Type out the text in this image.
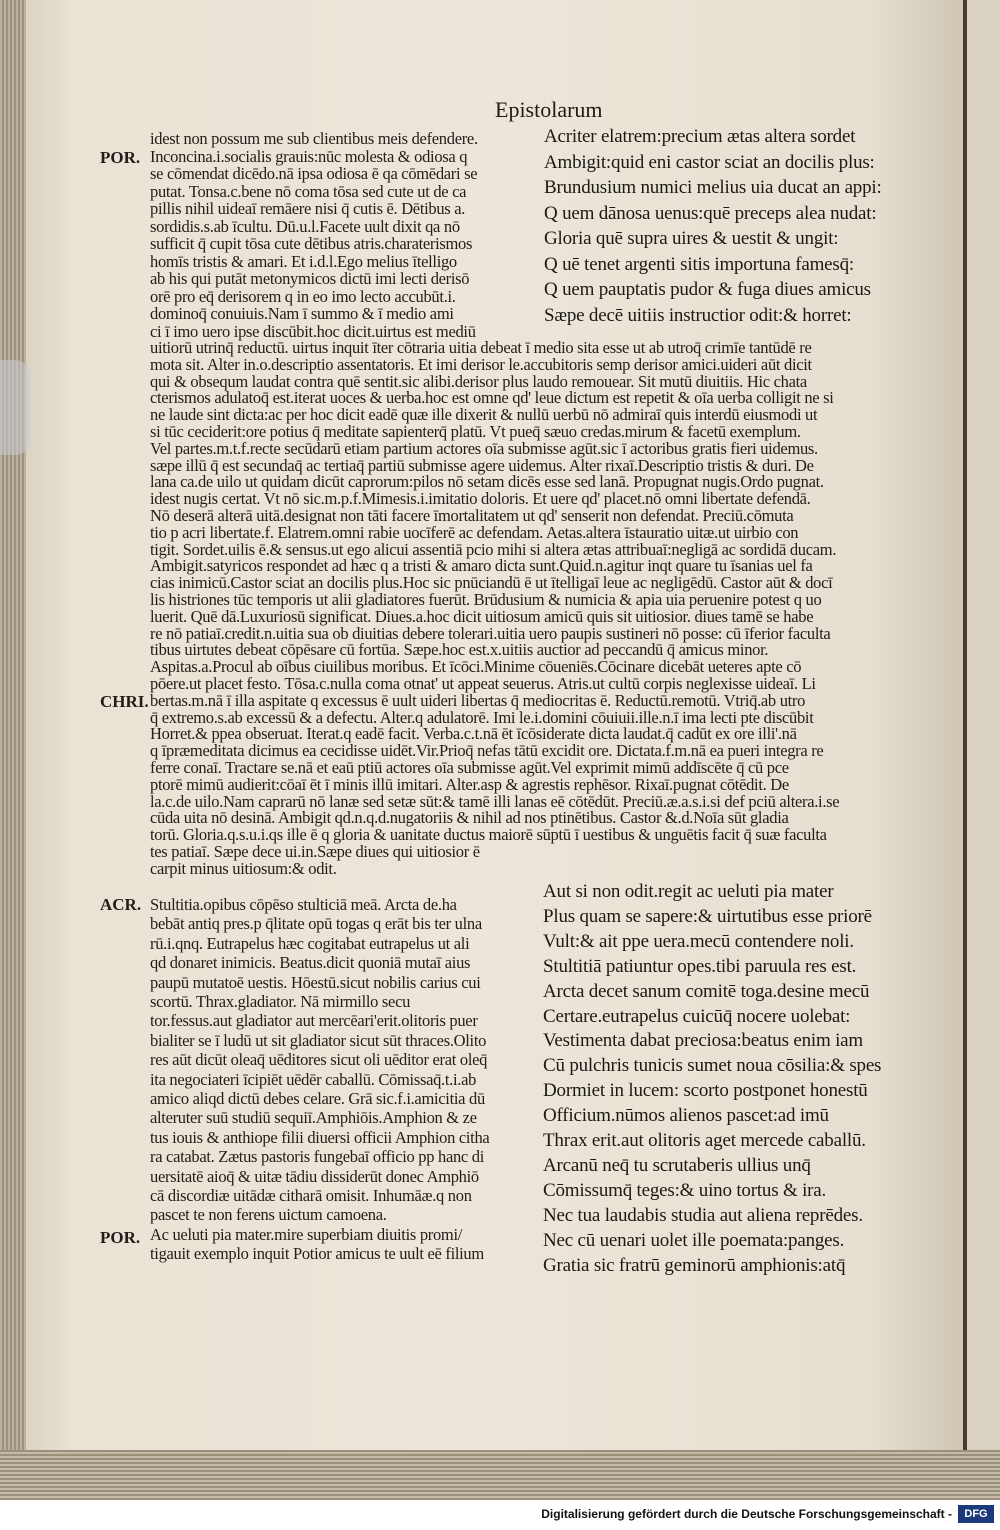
Epistolarum
POR.
CHRI.
ACR.
POR.
idest non possum me sub clientibus meis defendere.
Inconcina.i.socialis grauis:nūc molesta & odiosa q
se cōmendat dicēdo.nā ipsa odiosa ē qa cōmēdari se
putat. Tonsa.c.bene nō coma tōsa sed cute ut de ca
pillis nihil uideaī remāere nisi q̄ cutis ē. Dētibus a.
sordidis.s.ab īcultu. Dū.u.l.Facete uult dixit qa nō
sufficit q̄ cupit tōsa cute dētibus atris.charaterismos
homīs tristis & amari. Et i.d.l.Ego melius ītelligo
ab his qui putāt metonymicos dictū imi lecti derisō
orē pro eq̄ derisorem q in eo imo lecto accubūt.i.
dominoq̄ conuiuis.Nam ī summo & ī medio ami
ci ī imo uero ipse discūbit.hoc dicit.uirtus est mediū
Acriter elatrem:precium ætas altera sordet
Ambigit:quid eni castor sciat an docilis plus:
Brundusium numici melius uia ducat an appi:
Q uem dānosa uenus:quē preceps alea nudat:
Gloria quē supra uires & uestit & ungit:
Q uē tenet argenti sitis importuna famesq̄:
Q uem pauptatis pudor & fuga diues amicus
Sæpe decē uitiis instructior odit:& horret:
uitiorū utrinq̄ reductū. uirtus inquit īter cōtraria uitia debeat ī medio sita esse ut ab utroq̄ crimīe tantūdē re
mota sit. Alter in.o.descriptio assentatoris. Et imi derisor le.accubitoris semp derisor amici.uideri aūt dicit
qui & obsequm laudat contra quē sentit.sic alibi.derisor plus laudo remouear. Sit mutū diuitiis. Hic chata
cterismos adulatoq̄ est.iterat uoces & uerba.hoc est omne qd' leue dictum est repetit & oīa uerba colligit ne si
ne laude sint dicta:ac per hoc dicit eadē quæ ille dixerit & nullū uerbū nō admiraī quis interdū eiusmodi ut
si tūc ceciderit:ore potius q̄ meditate sapienterq̄ platū. Vt pueq̄ sæuo credas.mirum & facetū exemplum.
Vel partes.m.t.f.recte secūdarū etiam partium actores oīa submisse agūt.sic ī actoribus gratis fieri uidemus.
sæpe illū q̄ est secundaq̄ ac tertiaq̄ partiū submisse agere uidemus. Alter rixaī.Descriptio tristis & duri. De
lana ca.de uilo ut quidam dicūt caprorum:pilos nō setam dicēs esse sed lanā. Propugnat nugis.Ordo pugnat.
idest nugis certat. Vt nō sic.m.p.f.Mimesis.i.imitatio doloris. Et uere qd' placet.nō omni libertate defendā.
Nō deserā alterā uitā.designat non tāti facere īmortalitatem ut qd' senserit non defendat. Preciū.cōmuta
tio p acri libertate.f. Elatrem.omni rabie uocīferē ac defendam. Aetas.altera īstauratio uitæ.ut uirbio con
tigit. Sordet.uilis ē.& sensus.ut ego alicui assentiā pcio mihi si altera ætas attribuaī:negligā ac sordidā ducam.
Ambigit.satyricos respondet ad hæc q a tristi & amaro dicta sunt.Quid.n.agitur inqt quare tu īsanias uel fa
cias inimicū.Castor sciat an docilis plus.Hoc sic pnūciandū ē ut ītelligaī leue ac negligēdū. Castor aūt & docī
lis histriones tūc temporis ut alii gladiatores fuerūt. Brūdusium & numicia & apia uia peruenire potest q uo
luerit. Quē dā.Luxuriosū significat. Diues.a.hoc dicit uitiosum amicū quis sit uitiosior. diues tamē se habe
re nō patiaī.credit.n.uitia sua ob diuitias debere tolerari.uitia uero paupis sustineri nō posse: cū īferior faculta
tibus uirtutes debeat cōpēsare cū fortūa. Sæpe.hoc est.x.uitiis auctior ad peccandū q̄ amicus minor.
Aspitas.a.Procul ab oībus ciuilibus moribus. Et īcōci.Minime cōueniēs.Cōcinare dicebāt ueteres apte cō
pōere.ut placet festo. Tōsa.c.nulla coma otnat' ut appeat seuerus. Atris.ut cultū corpis neglexisse uideaī. Li
bertas.m.nā ī illa aspitate q excessus ē uult uideri libertas q̄ mediocritas ē. Reductū.remotū. Vtriq̄.ab utro
q̄ extremo.s.ab excessū & a defectu. Alter.q adulatorē. Imi le.i.domini cōuiuii.ille.n.ī ima lecti pte discūbit
Horret.& ppea obseruat. Iterat.q eadē facit. Verba.c.t.nā ēt īcōsiderate dicta laudat.q̄ cadūt ex ore illi'.nā
q īpræmeditata dicimus ea cecidisse uidēt.Vir.Prioq̄ nefas tātū excidit ore. Dictata.f.m.nā ea pueri integra re
ferre conaī. Tractare se.nā et eaū ptiū actores oīa submisse agūt.Vel exprimit mimū addīscēte q̄ cū pce
ptorē mimū audierit:cōaī ēt ī minis illū imitari. Alter.asp & agrestis rephēsor. Rixaī.pugnat cōtēdit. De
la.c.de uilo.Nam caprarū nō lanæ sed setæ sūt:& tamē illi lanas eē cōtēdūt. Preciū.æ.a.s.i.si def pciū altera.i.se
cūda uita nō desinā. Ambigit qd.n.q.d.nugatoriis & nihil ad nos ptinētibus. Castor &.d.Noīa sūt gladia
torū. Gloria.q.s.u.i.qs ille ē q gloria & uanitate ductus maiorē sūptū ī uestibus & unguētis facit q̄ suæ faculta
tes patiaī. Sæpe dece ui.in.Sæpe diues qui uitiosior ē
carpit minus uitiosum:& odit.
Stultitia.opibus cōpēso stulticiā meā. Arcta de.ha
bebāt antiq pres.p q̄litate opū togas q erāt bis ter ulna
rū.i.qnq. Eutrapelus hæc cogitabat eutrapelus ut ali
qd donaret inimicis. Beatus.dicit quoniā mutaī aius
paupū mutatoē uestis. Hōestū.sicut nobilis carius cui
scortū. Thrax.gladiator. Nā mirmillo secu
tor.fessus.aut gladiator aut mercēari'erit.olitoris puer
bialiter se ī ludū ut sit gladiator sicut sūt thraces.Olito
res aūt dicūt oleaq̄ uēditores sicut oli uēditor erat oleq̄
ita negociateri īcipiēt uēdēr caballū. Cōmissaq̄.t.i.ab
amico aliqd dictū debes celare. Grā sic.f.i.amicitia dū
alteruter suū studiū sequiī.Amphiōis.Amphion & ze
tus iouis & anthiope filii diuersi officii Amphion citha
ra catabat. Zætus pastoris fungebaī officio pp hanc di
uersitatē aioq̄ & uitæ tādiu dissiderūt donec Amphiō
cā discordiæ uitādæ citharā omisit. Inhumāæ.q non
pascet te non ferens uictum camoena.
Ac ueluti pia mater.mire superbiam diuitis promi/
tigauit exemplo inquit Potior amicus te uult eē filium
Aut si non odit.regit ac ueluti pia mater
Plus quam se sapere:& uirtutibus esse priorē
Vult:& ait ppe uera.mecū contendere noli.
Stultitiā patiuntur opes.tibi paruula res est.
Arcta decet sanum comitē toga.desine mecū
Certare.eutrapelus cuicūq̄ nocere uolebat:
Vestimenta dabat preciosa:beatus enim iam
Cū pulchris tunicis sumet noua cōsilia:& spes
Dormiet in lucem: scorto postponet honestū
Officium.nūmos alienos pascet:ad imū
Thrax erit.aut olitoris aget mercede caballū.
Arcanū neq̄ tu scrutaberis ullius unq̄
Cōmissumq̄ teges:& uino tortus & ira.
Nec tua laudabis studia aut aliena reprēdes.
Nec cū uenari uolet ille poemata:panges.
Gratia sic fratrū geminorū amphionis:atq̄
Digitalisierung gefördert durch die Deutsche Forschungsgemeinschaft -	DFG
